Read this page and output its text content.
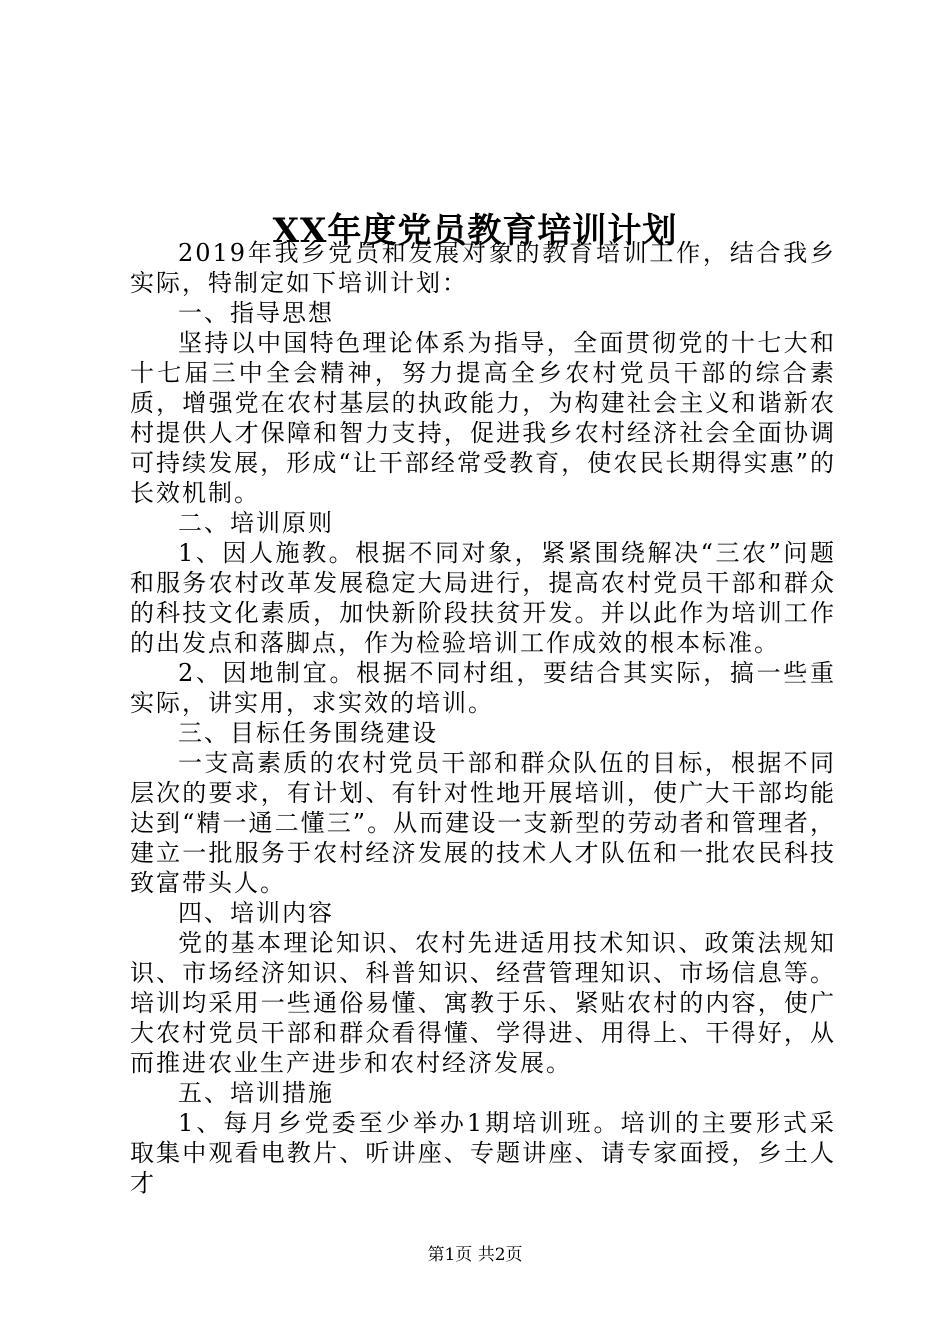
XX年度党员教育培训计划

2019年我乡党员和发展对象的教育培训工作，结合我乡实际，特制定如下培训计划：

一、指导思想

坚持以中国特色理论体系为指导，全面贯彻党的十七大和十七届三中全会精神，努力提高全乡农村党员干部的综合素质，增强党在农村基层的执政能力，为构建社会主义和谐新农村提供人才保障和智力支持，促进我乡农村经济社会全面协调可持续发展，形成“让干部经常受教育，使农民长期得实惠”的长效机制。

二、培训原则

1、因人施教。根据不同对象，紧紧围绕解决“三农”问题和服务农村改革发展稳定大局进行，提高农村党员干部和群众的科技文化素质，加快新阶段扶贫开发。并以此作为培训工作的出发点和落脚点，作为检验培训工作成效的根本标准。

2、因地制宜。根据不同村组，要结合其实际，搞一些重实际，讲实用，求实效的培训。

三、目标任务围绕建设

一支高素质的农村党员干部和群众队伍的目标，根据不同层次的要求，有计划、有针对性地开展培训，使广大干部均能达到“精一通二懂三”。从而建设一支新型的劳动者和管理者，建立一批服务于农村经济发展的技术人才队伍和一批农民科技致富带头人。

四、培训内容

党的基本理论知识、农村先进适用技术知识、政策法规知识、市场经济知识、科普知识、经营管理知识、市场信息等。培训均采用一些通俗易懂、寓教于乐、紧贴农村的内容，使广大农村党员干部和群众看得懂、学得进、用得上、干得好，从而推进农业生产进步和农村经济发展。

五、培训措施

1、每月乡党委至少举办1期培训班。培训的主要形式采取集中观看电教片、听讲座、专题讲座、请专家面授，乡土人才

第1页 共2页
